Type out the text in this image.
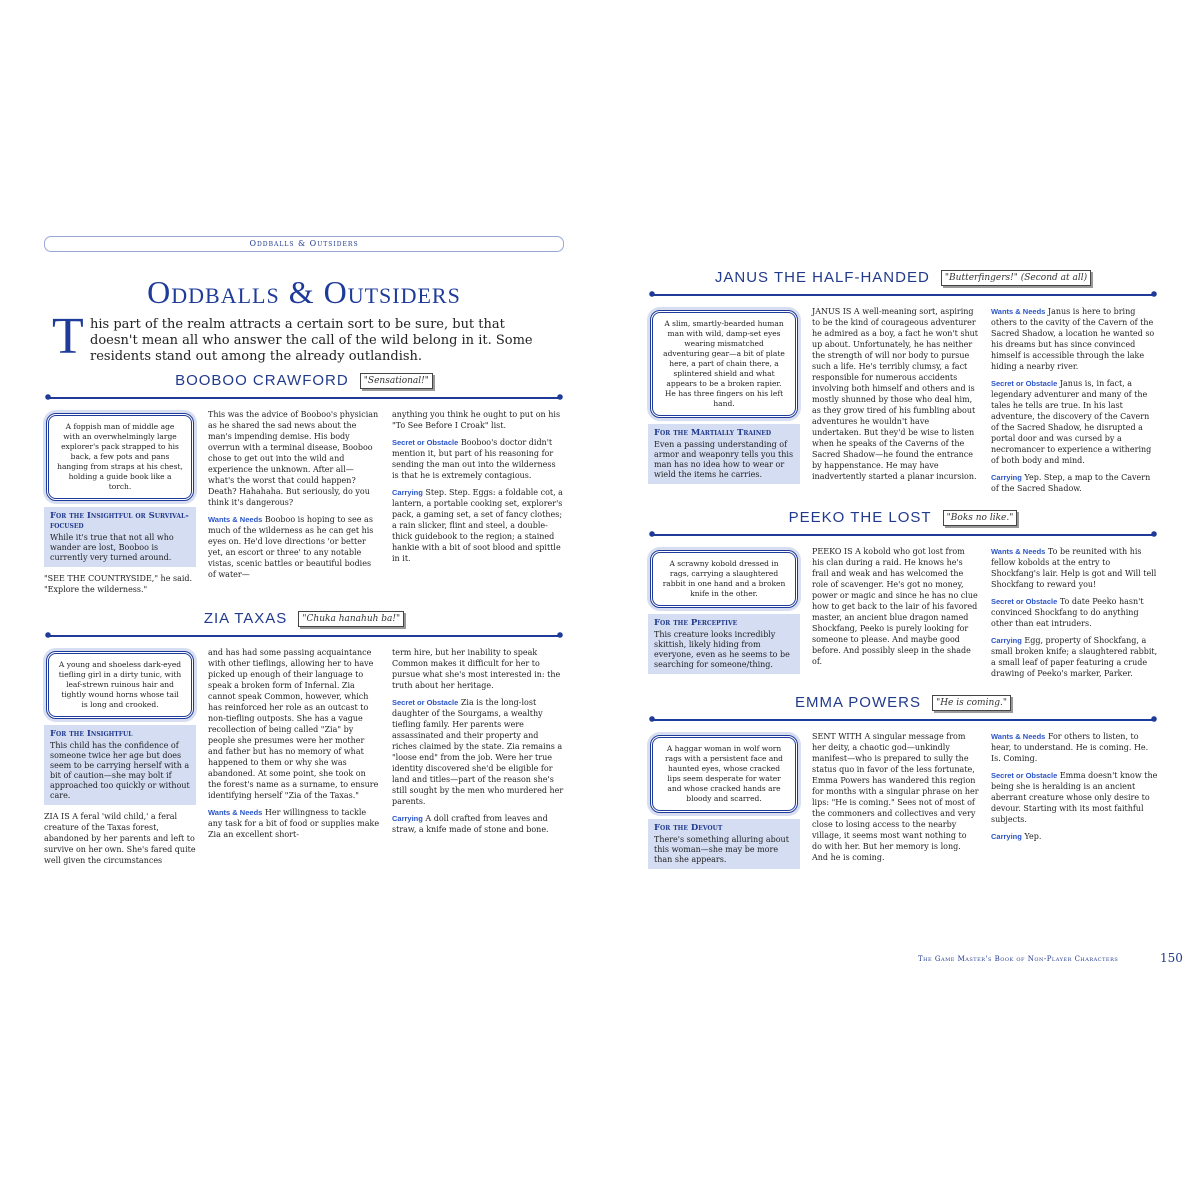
Oddballs & Outsiders
Oddballs & Outsiders
T his part of the realm attracts a certain sort to be sure, but that doesn't mean all who answer the call of the wild belong in it. Some residents stand out among the already outlandish.
BOOBOO CRAWFORD "Sensational!"
A foppish man of middle age with an overwhelmingly large explorer's pack strapped to his back, a few pots and pans hanging from straps at his chest, holding a guide book like a torch.
For the Insightful or Survival-focused
While it's true that not all who wander are lost, Booboo is currently very turned around.

"SEE THE COUNTRYSIDE," he said. "Explore the wilderness."

This was the advice of Booboo's physician as he shared the sad news about the man's impending demise. His body overrun with a terminal disease, Booboo chose to get out into the wild and experience the unknown. After all—what's the worst that could happen? Death? Hahahaha. But seriously, do you think it's dangerous?

Wants & Needs Booboo is hoping to see as much of the wilderness as he can get his eyes on. He'd love directions 'or better yet, an escort or three' to any notable vistas, scenic battles or beautiful bodies of water—

anything you think he ought to put on his "To See Before I Croak" list.

Secret or Obstacle Booboo's doctor didn't mention it, but part of his reasoning for sending the man out into the wilderness is that he is extremely contagious.

Carrying Step. Step. Eggs: a foldable cot, a lantern, a portable cooking set, explorer's pack, a gaming set, a set of fancy clothes; a rain slicker, flint and steel, a double-thick guidebook to the region; a stained hankie with a bit of soot blood and spittle in it.

ZIA TAXAS "Chuka hanahuh ba!"
A young and shoeless dark-eyed tiefling girl in a dirty tunic, with leaf-strewn ruinous hair and tightly wound horns whose tail is long and crooked.
For the Insightful
This child has the confidence of someone twice her age but does seem to be carrying herself with a bit of caution—she may bolt if approached too quickly or without care.

ZIA IS A feral 'wild child,' a feral creature of the Taxas forest, abandoned by her parents and left to survive on her own. She's fared quite well given the circumstances

and has had some passing acquaintance with other tieflings, allowing her to have picked up enough of their language to speak a broken form of Infernal. Zia cannot speak Common, however, which has reinforced her role as an outcast to non-tiefling outposts. She has a vague recollection of being called "Zia" by people she presumes were her mother and father but has no memory of what happened to them or why she was abandoned. At some point, she took on the forest's name as a surname, to ensure identifying herself "Zia of the Taxas."

Wants & Needs Her willingness to tackle any task for a bit of food or supplies make Zia an excellent short-

term hire, but her inability to speak Common makes it difficult for her to pursue what she's most interested in: the truth about her heritage.

Secret or Obstacle Zia is the long-lost daughter of the Sourgams, a wealthy tiefling family. Her parents were assassinated and their property and riches claimed by the state. Zia remains a "loose end" from the job. Were her true identity discovered she'd be eligible for land and titles—part of the reason she's still sought by the men who murdered her parents.

Carrying A doll crafted from leaves and straw, a knife made of stone and bone.

JANUS THE HALF-HANDED "Butterfingers!" (Second at all)
A slim, smartly-bearded human man with wild, damp-set eyes wearing mismatched adventuring gear—a bit of plate here, a part of chain there, a splintered shield and what appears to be a broken rapier. He has three fingers on his left hand.
For the Martially Trained
Even a passing understanding of armor and weaponry tells you this man has no idea how to wear or wield the items he carries.

JANUS IS A well-meaning sort, aspiring to be the kind of courageous adventurer he admired as a boy, a fact he won't shut up about. Unfortunately, he has neither the strength of will nor body to pursue such a life. He's terribly clumsy, a fact responsible for numerous accidents involving both himself and others and is mostly shunned by those who deal him, as they grow tired of his fumbling about adventures he wouldn't have undertaken. But they'd be wise to listen when he speaks of the Caverns of the Sacred Shadow—he found the entrance by happenstance. He may have inadvertently started a planar incursion.

Wants & Needs Janus is here to bring others to the cavity of the Cavern of the Sacred Shadow, a location he wanted so his dreams but has since convinced himself is accessible through the lake hiding a nearby river.

Secret or Obstacle Janus is, in fact, a legendary adventurer and many of the tales he tells are true. In his last adventure, the discovery of the Cavern of the Sacred Shadow, he disrupted a portal door and was cursed by a necromancer to experience a withering of both body and mind.

Carrying Yep. Step, a map to the Cavern of the Sacred Shadow.

PEEKO THE LOST "Boks no like."
A scrawny kobold dressed in rags, carrying a slaughtered rabbit in one hand and a broken knife in the other.
For the Perceptive
This creature looks incredibly skittish, likely hiding from everyone, even as he seems to be searching for someone/thing.

PEEKO IS A kobold who got lost from his clan during a raid. He knows he's frail and weak and has welcomed the role of scavenger. He's got no money, power or magic and since he has no clue how to get back to the lair of his favored master, an ancient blue dragon named Shockfang, Peeko is purely looking for someone to please. And maybe good before. And possibly sleep in the shade of.

Wants & Needs To be reunited with his fellow kobolds at the entry to Shockfang's lair. Help is got and Will tell Shockfang to reward you!

Secret or Obstacle To date Peeko hasn't convinced Shockfang to do anything other than eat intruders.

Carrying Egg, property of Shockfang, a small broken knife; a slaughtered rabbit, a small leaf of paper featuring a crude drawing of Peeko's marker, Parker.

EMMA POWERS "He is coming."
A haggar woman in wolf worn rags with a persistent face and haunted eyes, whose cracked lips seem desperate for water and whose cracked hands are bloody and scarred.
For the Devout
There's something alluring about this woman—she may be more than she appears.

SENT WITH A singular message from her deity, a chaotic god—unkindly manifest—who is prepared to sully the status quo in favor of the less fortunate, Emma Powers has wandered this region for months with a singular phrase on her lips: "He is coming." Sees not of most of the commoners and collectives and very close to losing access to the nearby village, it seems most want nothing to do with her. But her memory is long. And he is coming.

Wants & Needs For others to listen, to hear, to understand. He is coming. He. Is. Coming.

Secret or Obstacle Emma doesn't know the being she is heralding is an ancient aberrant creature whose only desire to devour. Starting with its most faithful subjects.

Carrying Yep.

The Game Master's Book of Non-Player Characters	150
